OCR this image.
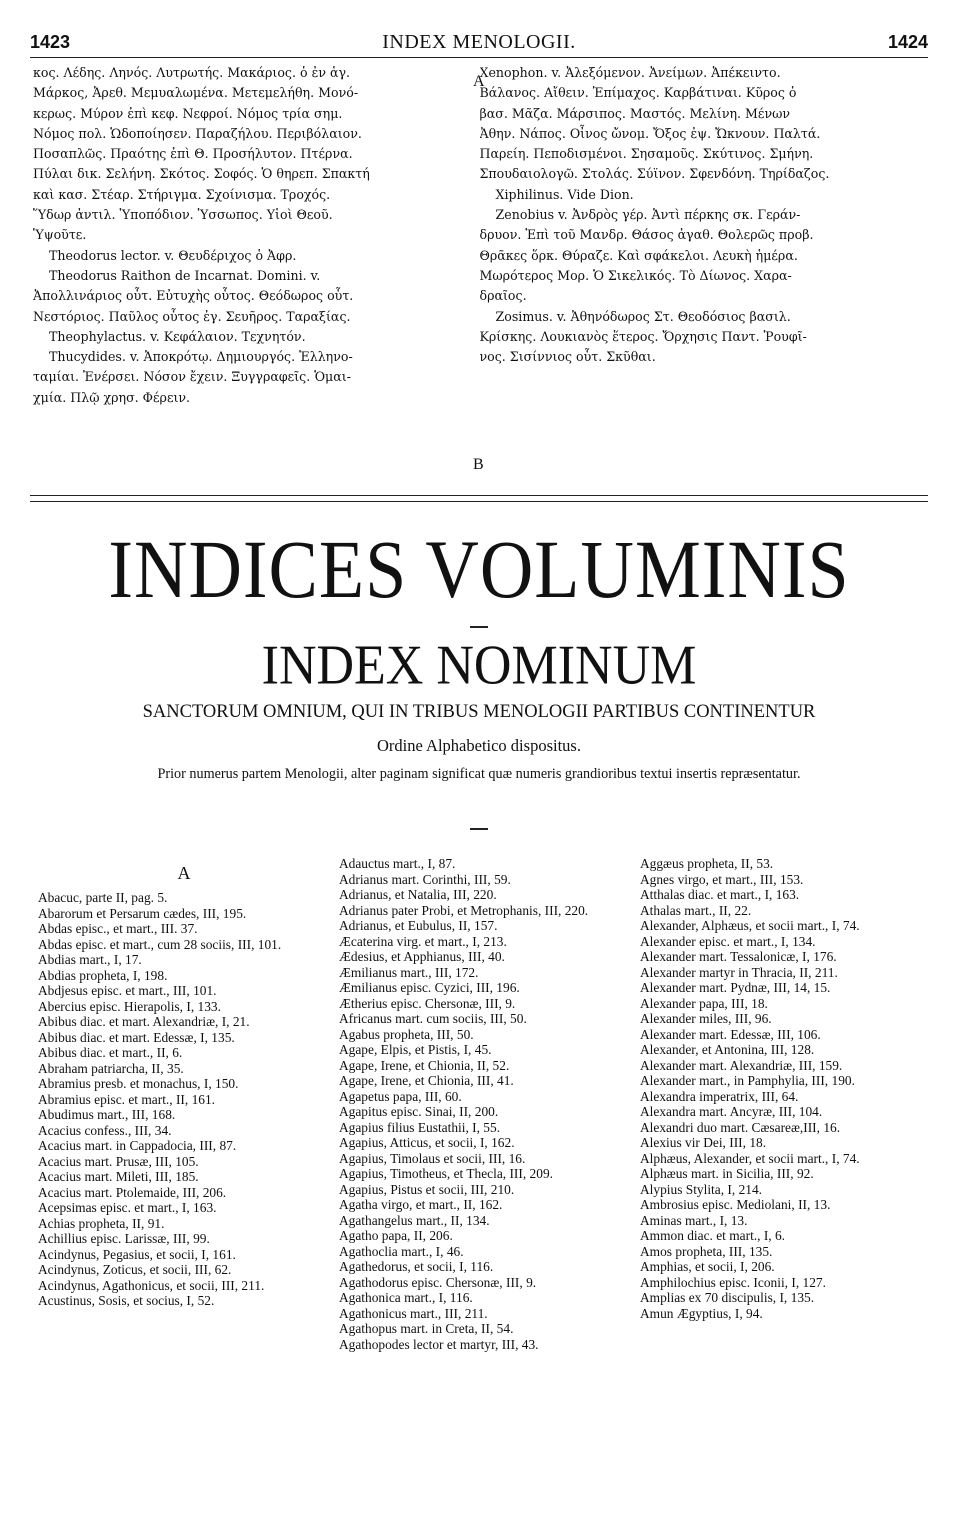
1423	INDEX MENOLOGII.	1424
κος. Λέδης. Ληνός. Λυτρωτής. Μακάριος. ὁ ἐν ἁγ.
Μάρκος, Ἀρεθ. Μεμυαλωμένα. Μετεμελήθη. Μονό-
κερως. Μύρον ἐπὶ κεφ. Νεφροί. Νόμος τρία σημ.
Νόμος πολ. Ὡδοποίησεν. Παραζήλου. Περιβόλαιον.
Ποσαπλῶς. Πραότης ἐπὶ Θ. Προσήλυτον. Πτέρνα.
Πύλαι δικ. Σελήνη. Σκότος. Σοφός. Ὁ θηρεπ. Σπακτή
καὶ κασ. Στέαρ. Στήριγμα. Σχοίνισμα. Τροχός.
Ὕδωρ ἀντιλ. Ὑποπόδιον. Ὑσσωπος. Υἱοὶ Θεοῦ.
Ὑψοῦτε.
Theodorus lector. v. Θευδέριχος ὁ Ἀφρ.
Theodorus Raithon de Incarnat. Domini. v.
Ἀπολλινάριος οὗτ. Εὐτυχὴς οὗτος. Θεόδωρος οὗτ.
Νεστόριος. Παῦλος οὗτος ἐγ. Σευῆρος. Ταραξίας.
Theophylactus. v. Κεφάλαιον. Τεχνητόν.
Thucydides. v. Ἀποκρότῳ. Δημιουργός. Ἑλληνο-
ταμίαι. Ἐνέρσει. Νόσον ἔχειν. Ξυγγραφεῖς. Ὁμαι-
χμία. Πλῷ χρησ. Φέρειν.
Xenophon. v. Ἀλεξόμενον. Ἀνείμων. Ἀπέκειντο.
Βάλανος. Αἴθειν. Ἐπίμαχος. Καρβάτιναι. Κῦρος ὁ
βασ. Μᾶζα. Μάρσιπος. Μαστός. Μελίνη. Μένων
Ἀθην. Νάπος. Οἶνος ὤνομ. Ὄξος ἐψ. Ὤκνουν. Παλτά.
Παρείη. Πεποδισμένοι. Σησαμοῦς. Σκύτινος. Σμήνη.
Σπουδαιολογῶ. Στολάς. Σύϊνον. Σφενδόνη. Τηρίδαζος.
Xiphilinus. Vide Dion.
Zenobius v. Ἀνδρὸς γέρ. Ἀντὶ πέρκης σκ. Γεράν-
δρυον. Ἐπὶ τοῦ Μανδρ. Θάσος ἀγαθ. Θολερῶς προβ.
Θρᾶκες ὅρκ. Θύραζε. Καὶ σφάκελοι. Λευκὴ ἡμέρα.
Μωρότερος Μορ. Ὁ Σικελικός. Τὸ Δίωνος. Χαρα-
δραῖος.
Zosimus. v. Ἀθηνόδωρος Στ. Θεοδόσιος βασιλ.
Κρίσκης. Λουκιανὸς ἕτερος. Ὄρχησις Παντ. Ῥουφῖ-
νος. Σισίννιος οὗτ. Σκῦθαι.
A
B
INDICES VOLUMINIS
INDEX NOMINUM
SANCTORUM OMNIUM, QUI IN TRIBUS MENOLOGII PARTIBUS CONTINENTUR
Ordine Alphabetico dispositus.
Prior numerus partem Menologii, alter paginam significat quæ numeris grandioribus textui insertis repræsentatur.
A
Abacuc, parte II, pag. 5.
Abarorum et Persarum cædes, III, 195.
Abdas episc., et mart., III. 37.
Abdas episc. et mart., cum 28 sociis, III, 101.
Abdias mart., I, 17.
Abdias propheta, I, 198.
Abdjesus episc. et mart., III, 101.
Abercius episc. Hierapolis, I, 133.
Abibus diac. et mart. Alexandriæ, I, 21.
Abibus diac. et mart. Edessæ, I, 135.
Abibus diac. et mart., II, 6.
Abraham patriarcha, II, 35.
Abramius presb. et monachus, I, 150.
Abramius episc. et mart., II, 161.
Abudimus mart., III, 168.
Acacius confess., III, 34.
Acacius mart. in Cappadocia, III, 87.
Acacius mart. Prusæ, III, 105.
Acacius mart. Mileti, III, 185.
Acacius mart. Ptolemaide, III, 206.
Acepsimas episc. et mart., I, 163.
Achias propheta, II, 91.
Achillius episc. Larissæ, III, 99.
Acindynus, Pegasius, et socii, I, 161.
Acindynus, Zoticus, et socii, III, 62.
Acindynus, Agathonicus, et socii, III, 211.
Acustinus, Sosis, et socius, I, 52.
Adauctus mart., I, 87.
Adrianus mart. Corinthi, III, 59.
Adrianus, et Natalia, III, 220.
Adrianus pater Probi, et Metrophanis, III, 220.
Adrianus, et Eubulus, II, 157.
Æcaterina virg. et mart., I, 213.
Ædesius, et Apphianus, III, 40.
Æmilianus mart., III, 172.
Æmilianus episc. Cyzici, III, 196.
Ætherius episc. Chersonæ, III, 9.
Africanus mart. cum sociis, III, 50.
Agabus propheta, III, 50.
Agape, Elpis, et Pistis, I, 45.
Agape, Irene, et Chionia, II, 52.
Agape, Irene, et Chionia, III, 41.
Agapetus papa, III, 60.
Agapitus episc. Sinai, II, 200.
Agapius filius Eustathii, I, 55.
Agapius, Atticus, et socii, I, 162.
Agapius, Timolaus et socii, III, 16.
Agapius, Timotheus, et Thecla, III, 209.
Agapius, Pistus et socii, III, 210.
Agatha virgo, et mart., II, 162.
Agathangelus mart., II, 134.
Agatho papa, II, 206.
Agathoclia mart., I, 46.
Agathedorus, et socii, I, 116.
Agathodorus episc. Chersonæ, III, 9.
Agathonica mart., I, 116.
Agathonicus mart., III, 211.
Agathopus mart. in Creta, II, 54.
Agathopodes lector et martyr, III, 43.
Aggæus propheta, II, 53.
Agnes virgo, et mart., III, 153.
Atthalas diac. et mart., I, 163.
Athalas mart., II, 22.
Alexander, Alphæus, et socii mart., I, 74.
Alexander episc. et mart., I, 134.
Alexander mart. Tessalonicæ, I, 176.
Alexander martyr in Thracia, II, 211.
Alexander mart. Pydnæ, III, 14, 15.
Alexander papa, III, 18.
Alexander miles, III, 96.
Alexander mart. Edessæ, III, 106.
Alexander, et Antonina, III, 128.
Alexander mart. Alexandriæ, III, 159.
Alexander mart., in Pamphylia, III, 190.
Alexandra imperatrix, III, 64.
Alexandra mart. Ancyræ, III, 104.
Alexandri duo mart. Cæsareæ,III, 16.
Alexius vir Dei, III, 18.
Alphæus, Alexander, et socii mart., I, 74.
Alphæus mart. in Sicilia, III, 92.
Alypius Stylita, I, 214.
Ambrosius episc. Mediolani, II, 13.
Aminas mart., I, 13.
Ammon diac. et mart., I, 6.
Amos propheta, III, 135.
Amphias, et socii, I, 206.
Amphilochius episc. Iconii, I, 127.
Amplias ex 70 discipulis, I, 135.
Amun Ægyptius, I, 94.
